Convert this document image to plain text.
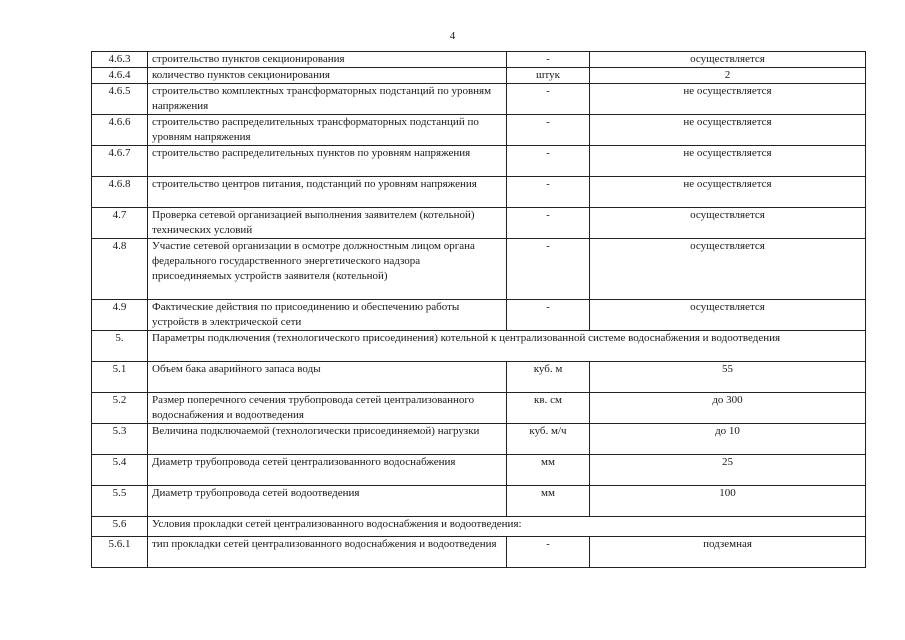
4
4.6.3	строительство пунктов секционирования	-	осуществляется
4.6.4	количество пунктов секционирования	штук	2
4.6.5	строительство комплектных трансформаторных подстанций по уровням напряжения	-	не осуществляется
4.6.6	строительство распределительных трансформаторных подстанций по уровням напряжения	-	не осуществляется
4.6.7	строительство распределительных пунктов по уровням напряжения	-	не осуществляется
4.6.8	строительство центров питания, подстанций по уровням напряжения	-	не осуществляется
4.7	Проверка сетевой организацией выполнения заявителем (котельной) технических условий	-	осуществляется
4.8	Участие сетевой организации в осмотре должностным лицом органа федерального государственного энергетического надзора присоединяемых устройств заявителя (котельной)	-	осуществляется
4.9	Фактические действия по присоединению и обеспечению работы устройств в электрической сети	-	осуществляется
5.	Параметры подключения (технологического присоединения) котельной к централизованной системе водоснабжения и водоотведения		
5.1	Объем бака аварийного запаса воды	куб. м	55
5.2	Размер поперечного сечения трубопровода сетей централизованного водоснабжения и водоотведения	кв. см	до 300
5.3	Величина подключаемой (технологически присоединяемой) нагрузки	куб. м/ч	до 10
5.4	Диаметр трубопровода сетей централизованного водоснабжения	мм	25
5.5	Диаметр трубопровода сетей водоотведения	мм	100
5.6	Условия прокладки сетей централизованного водоснабжения и водоотведения:		
5.6.1	тип прокладки сетей централизованного водоснабжения и водоотведения	-	подземная
